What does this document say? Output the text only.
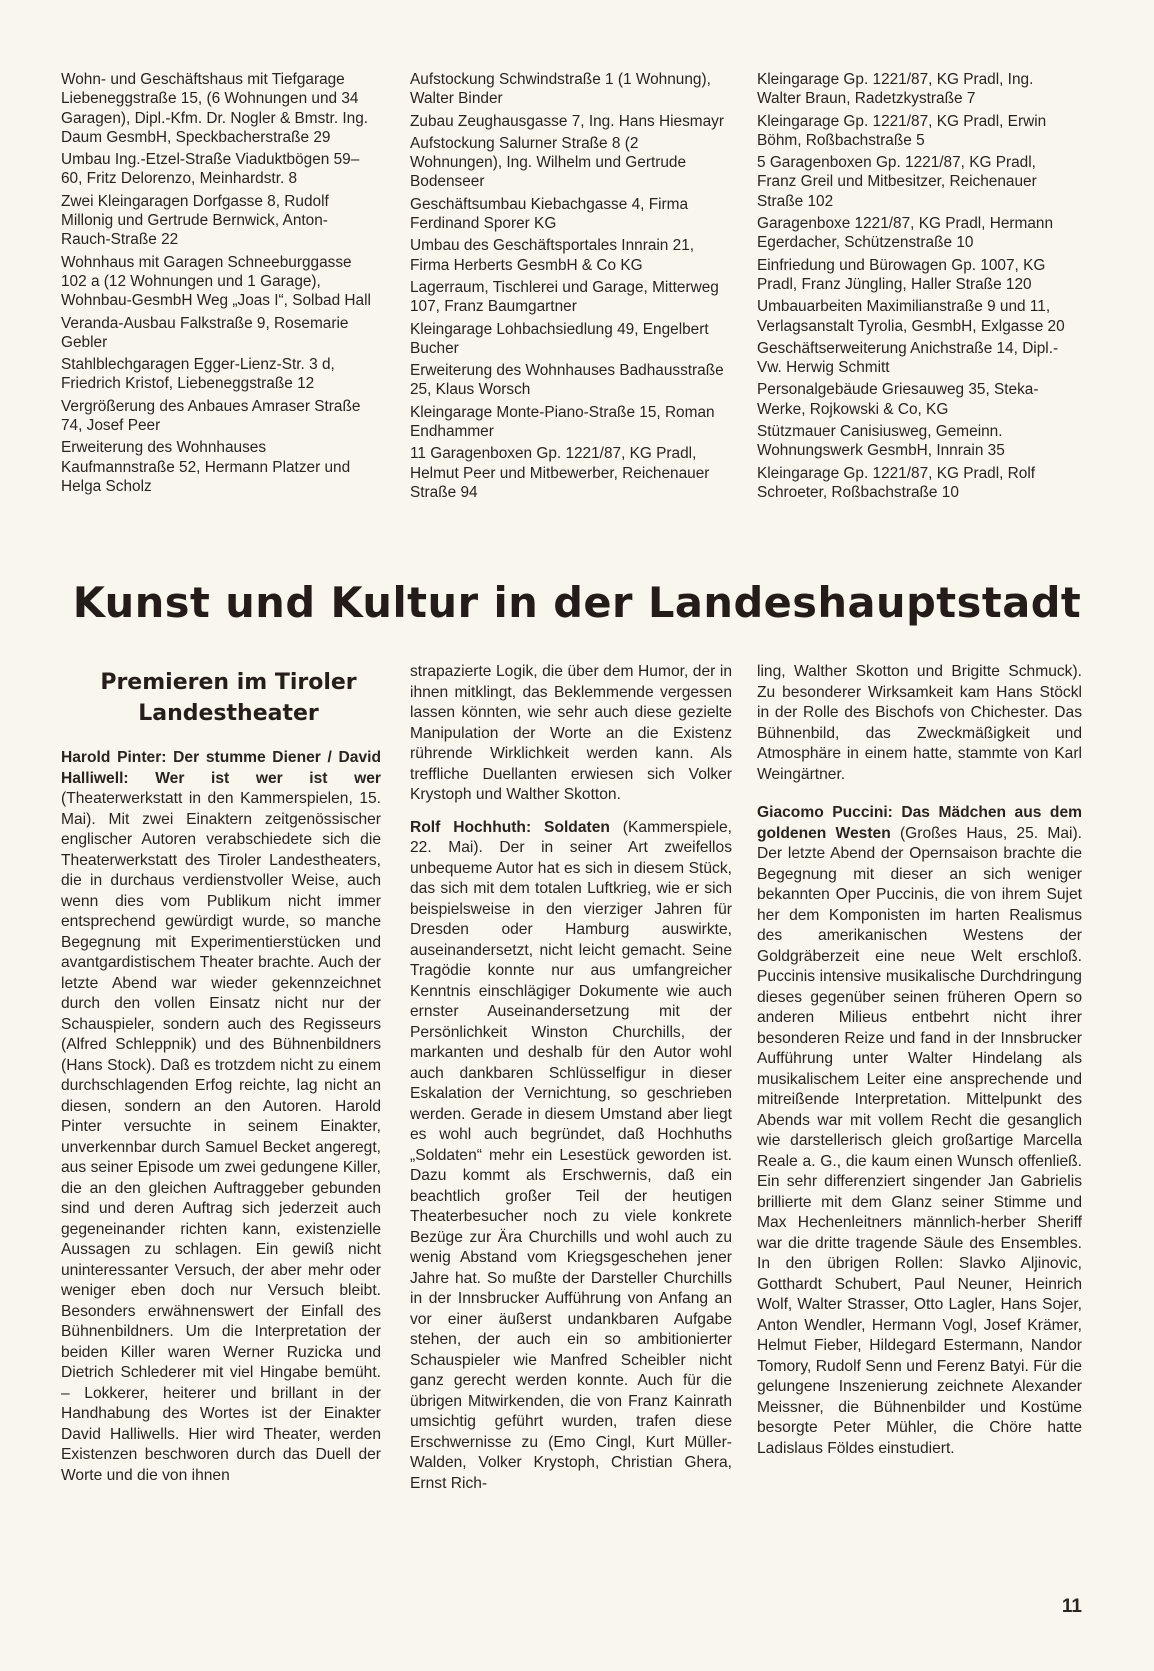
Wohn- und Geschäftshaus mit Tiefgarage Liebeneggstraße 15, (6 Wohnungen und 34 Garagen), Dipl.-Kfm. Dr. Nogler & Bmstr. Ing. Daum GesmbH, Speckbacherstraße 29

Umbau Ing.-Etzel-Straße Viaduktbögen 59–60, Fritz Delorenzo, Meinhardstr. 8

Zwei Kleingaragen Dorfgasse 8, Rudolf Millonig und Gertrude Bernwick, Anton-Rauch-Straße 22

Wohnhaus mit Garagen Schneeburggasse 102 a (12 Wohnungen und 1 Garage), Wohnbau-GesmbH Weg „Joas I“, Solbad Hall

Veranda-Ausbau Falkstraße 9, Rosemarie Gebler

Stahlblechgaragen Egger-Lienz-Str. 3 d, Friedrich Kristof, Liebeneggstraße 12

Vergrößerung des Anbaues Amraser Straße 74, Josef Peer

Erweiterung des Wohnhauses Kaufmannstraße 52, Hermann Platzer und Helga Scholz

Aufstockung Schwindstraße 1 (1 Wohnung), Walter Binder

Zubau Zeughausgasse 7, Ing. Hans Hiesmayr

Aufstockung Salurner Straße 8 (2 Wohnungen), Ing. Wilhelm und Gertrude Bodenseer

Geschäftsumbau Kiebachgasse 4, Firma Ferdinand Sporer KG

Umbau des Geschäftsportales Innrain 21, Firma Herberts GesmbH & Co KG

Lagerraum, Tischlerei und Garage, Mitterweg 107, Franz Baumgartner

Kleingarage Lohbachsiedlung 49, Engelbert Bucher

Erweiterung des Wohnhauses Badhausstraße 25, Klaus Worsch

Kleingarage Monte-Piano-Straße 15, Roman Endhammer

11 Garagenboxen Gp. 1221/87, KG Pradl, Helmut Peer und Mitbewerber, Reichenauer Straße 94

Kleingarage Gp. 1221/87, KG Pradl, Ing. Walter Braun, Radetzkystraße 7

Kleingarage Gp. 1221/87, KG Pradl, Erwin Böhm, Roßbachstraße 5

5 Garagenboxen Gp. 1221/87, KG Pradl, Franz Greil und Mitbesitzer, Reichenauer Straße 102

Garagenboxe 1221/87, KG Pradl, Hermann Egerdacher, Schützenstraße 10

Einfriedung und Bürowagen Gp. 1007, KG Pradl, Franz Jüngling, Haller Straße 120

Umbauarbeiten Maximilianstraße 9 und 11, Verlagsanstalt Tyrolia, GesmbH, Exlgasse 20

Geschäftserweiterung Anichstraße 14, Dipl.-Vw. Herwig Schmitt

Personalgebäude Griesauweg 35, Steka-Werke, Rojkowski & Co, KG

Stützmauer Canisiusweg, Gemeinn. Wohnungswerk GesmbH, Innrain 35

Kleingarage Gp. 1221/87, KG Pradl, Rolf Schroeter, Roßbachstraße 10

Kunst und Kultur in der Landeshauptstadt
Premieren im Tiroler Landestheater

Harold Pinter: Der stumme Diener / David Halliwell: Wer ist wer ist wer (Theaterwerkstatt in den Kammerspielen, 15. Mai). Mit zwei Einaktern zeitgenössischer englischer Autoren verabschiedete sich die Theaterwerkstatt des Tiroler Landestheaters, die in durchaus verdienstvoller Weise, auch wenn dies vom Publikum nicht immer entsprechend gewürdigt wurde, so manche Begegnung mit Experimentierstücken und avantgardistischem Theater brachte. Auch der letzte Abend war wieder gekennzeichnet durch den vollen Einsatz nicht nur der Schauspieler, sondern auch des Regisseurs (Alfred Schleppnik) und des Bühnenbildners (Hans Stock). Daß es trotzdem nicht zu einem durchschlagenden Erfog reichte, lag nicht an diesen, sondern an den Autoren. Harold Pinter versuchte in seinem Einakter, unverkennbar durch Samuel Becket angeregt, aus seiner Episode um zwei gedungene Killer, die an den gleichen Auftraggeber gebunden sind und deren Auftrag sich jederzeit auch gegeneinander richten kann, existenzielle Aussagen zu schlagen. Ein gewiß nicht uninteressanter Versuch, der aber mehr oder weniger eben doch nur Versuch bleibt. Besonders erwähnenswert der Einfall des Bühnenbildners. Um die Interpretation der beiden Killer waren Werner Ruzicka und Dietrich Schlederer mit viel Hingabe bemüht. – Lokkerer, heiterer und brillant in der Handhabung des Wortes ist der Einakter David Halliwells. Hier wird Theater, werden Existenzen beschworen durch das Duell der Worte und die von ihnen

strapazierte Logik, die über dem Humor, der in ihnen mitklingt, das Beklemmende vergessen lassen könnten, wie sehr auch diese gezielte Manipulation der Worte an die Existenz rührende Wirklichkeit werden kann. Als treffliche Duellanten erwiesen sich Volker Krystoph und Walther Skotton.

Rolf Hochhuth: Soldaten (Kammerspiele, 22. Mai). Der in seiner Art zweifellos unbequeme Autor hat es sich in diesem Stück, das sich mit dem totalen Luftkrieg, wie er sich beispielsweise in den vierziger Jahren für Dresden oder Hamburg auswirkte, auseinandersetzt, nicht leicht gemacht. Seine Tragödie konnte nur aus umfangreicher Kenntnis einschlägiger Dokumente wie auch ernster Auseinandersetzung mit der Persönlichkeit Winston Churchills, der markanten und deshalb für den Autor wohl auch dankbaren Schlüsselfigur in dieser Eskalation der Vernichtung, so geschrieben werden. Gerade in diesem Umstand aber liegt es wohl auch begründet, daß Hochhuths „Soldaten“ mehr ein Lesestück geworden ist. Dazu kommt als Erschwernis, daß ein beachtlich großer Teil der heutigen Theaterbesucher noch zu viele konkrete Bezüge zur Ära Churchills und wohl auch zu wenig Abstand vom Kriegsgeschehen jener Jahre hat. So mußte der Darsteller Churchills in der Innsbrucker Aufführung von Anfang an vor einer äußerst undankbaren Aufgabe stehen, der auch ein so ambitionierter Schauspieler wie Manfred Scheibler nicht ganz gerecht werden konnte. Auch für die übrigen Mitwirkenden, die von Franz Kainrath umsichtig geführt wurden, trafen diese Erschwernisse zu (Emo Cingl, Kurt Müller-Walden, Volker Krystoph, Christian Ghera, Ernst Rich-

ling, Walther Skotton und Brigitte Schmuck). Zu besonderer Wirksamkeit kam Hans Stöckl in der Rolle des Bischofs von Chichester. Das Bühnenbild, das Zweckmäßigkeit und Atmosphäre in einem hatte, stammte von Karl Weingärtner.

Giacomo Puccini: Das Mädchen aus dem goldenen Westen (Großes Haus, 25. Mai). Der letzte Abend der Opernsaison brachte die Begegnung mit dieser an sich weniger bekannten Oper Puccinis, die von ihrem Sujet her dem Komponisten im harten Realismus des amerikanischen Westens der Goldgräberzeit eine neue Welt erschloß. Puccinis intensive musikalische Durchdringung dieses gegenüber seinen früheren Opern so anderen Milieus entbehrt nicht ihrer besonderen Reize und fand in der Innsbrucker Aufführung unter Walter Hindelang als musikalischem Leiter eine ansprechende und mitreißende Interpretation. Mittelpunkt des Abends war mit vollem Recht die gesanglich wie darstellerisch gleich großartige Marcella Reale a. G., die kaum einen Wunsch offenließ. Ein sehr differenziert singender Jan Gabrielis brillierte mit dem Glanz seiner Stimme und Max Hechenleitners männlich-herber Sheriff war die dritte tragende Säule des Ensembles. In den übrigen Rollen: Slavko Aljinovic, Gotthardt Schubert, Paul Neuner, Heinrich Wolf, Walter Strasser, Otto Lagler, Hans Sojer, Anton Wendler, Hermann Vogl, Josef Krämer, Helmut Fieber, Hildegard Estermann, Nandor Tomory, Rudolf Senn und Ferenz Batyi. Für die gelungene Inszenierung zeichnete Alexander Meissner, die Bühnenbilder und Kostüme besorgte Peter Mühler, die Chöre hatte Ladislaus Földes einstudiert.

11
